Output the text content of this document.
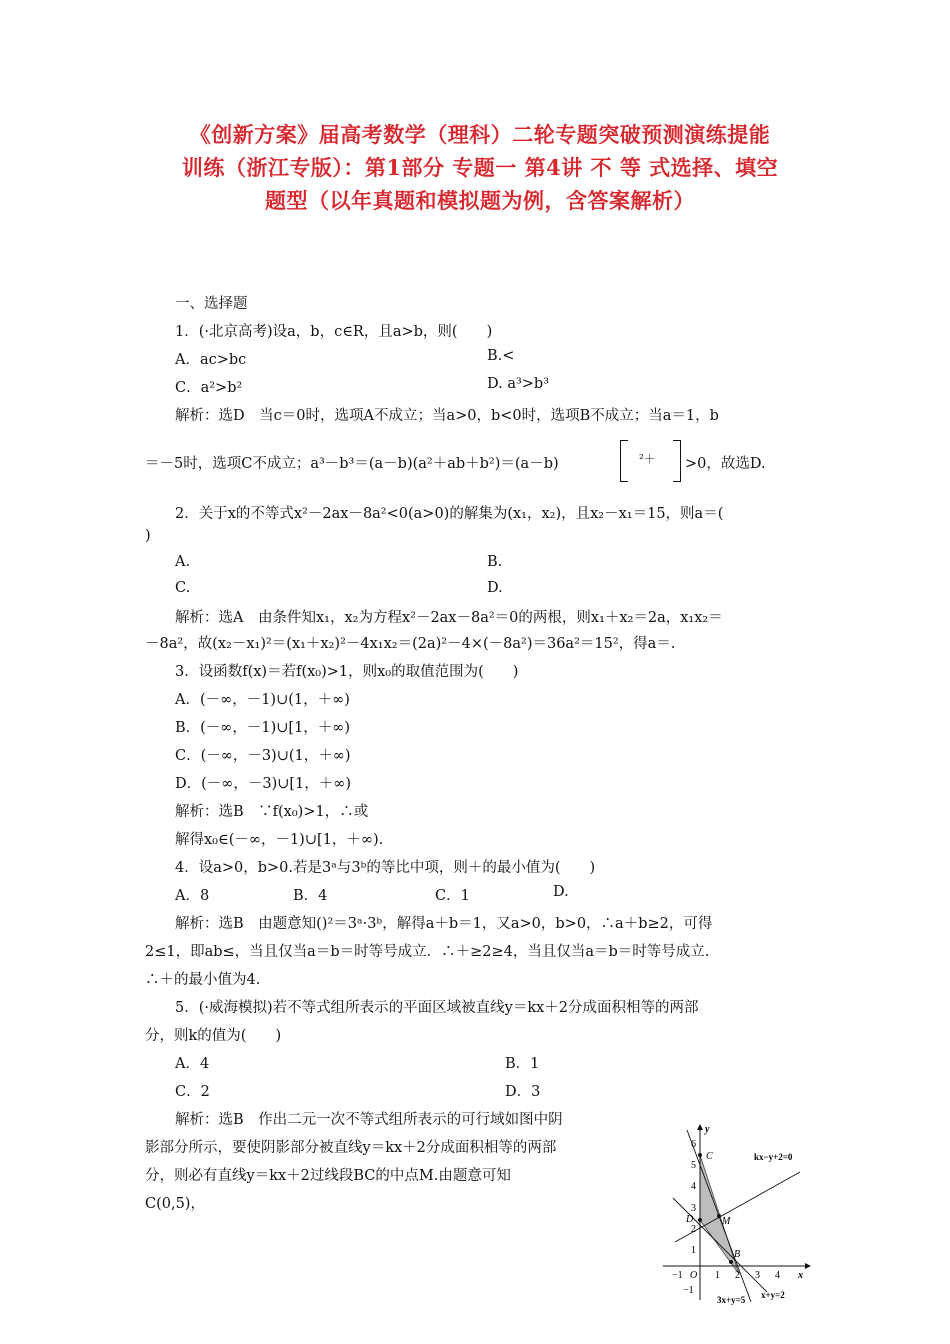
《创新方案》届高考数学（理科）二轮专题突破预测演练提能
训练（浙江专版）：第1部分 专题一 第4讲 不 等 式选择、填空
题型（以年真题和模拟题为例，含答案解析）
一、选择题
1．(·北京高考)设a，b，c∈R，且a>b，则(　　)
A．ac>bc	B.<
C．a²>b²	D. a³>b³
解析：选D　当c＝0时，选项A不成立；当a>0，b<0时，选项B不成立；当a＝1，b
＝－5时，选项C不成立；a³－b³＝(a－b)(a²＋ab＋b²)＝(a－b)	²＋ >0，故选D.
2．关于x的不等式x²－2ax－8a²<0(a>0)的解集为(x₁，x₂)，且x₂－x₁＝15，则a＝(
)
A.	B.
C.	D.
解析：选A　由条件知x₁，x₂为方程x²－2ax－8a²＝0的两根，则x₁＋x₂＝2a，x₁x₂＝
－8a²，故(x₂－x₁)²＝(x₁＋x₂)²－4x₁x₂＝(2a)²－4×(－8a²)＝36a²＝15²，得a＝.
3．设函数f(x)＝若f(x₀)>1，则x₀的取值范围为(　　)
A．(－∞，－1)∪(1，＋∞)
B．(－∞，－1)∪[1，＋∞)
C．(－∞，－3)∪(1，＋∞)
D．(－∞，－3)∪[1，＋∞)
解析：选B　∵f(x₀)>1，∴或
解得x₀∈(－∞，－1)∪[1，＋∞).
4．设a>0，b>0.若是3ᵃ与3ᵇ的等比中项，则＋的最小值为(　　)
A．8	B．4	C．1	D.
解析：选B　由题意知()²＝3ᵃ·3ᵇ，解得a＋b＝1，又a>0，b>0，∴a＋b≥2，可得
2≤1，即ab≤，当且仅当a＝b＝时等号成立．∴＋≥2≥4，当且仅当a＝b＝时等号成立.
∴＋的最小值为4.
5．(·威海模拟)若不等式组所表示的平面区域被直线y＝kx＋2分成面积相等的两部
分，则k的值为(　　)
A．4	B．1
C．2	D．3
解析：选B　作出二元一次不等式组所表示的可行域如图中阴
影部分所示，要使阴影部分被直线y＝kx＋2分成面积相等的两部
分，则必有直线y＝kx＋2过线段BC的中点M.由题意可知
C(0,5)，
y
x
O
C
D	M
B
kx−y+2=0
3x+y=5 x+y=2
−1	1 2 3 4
−1
1
2
3
4
5
6
